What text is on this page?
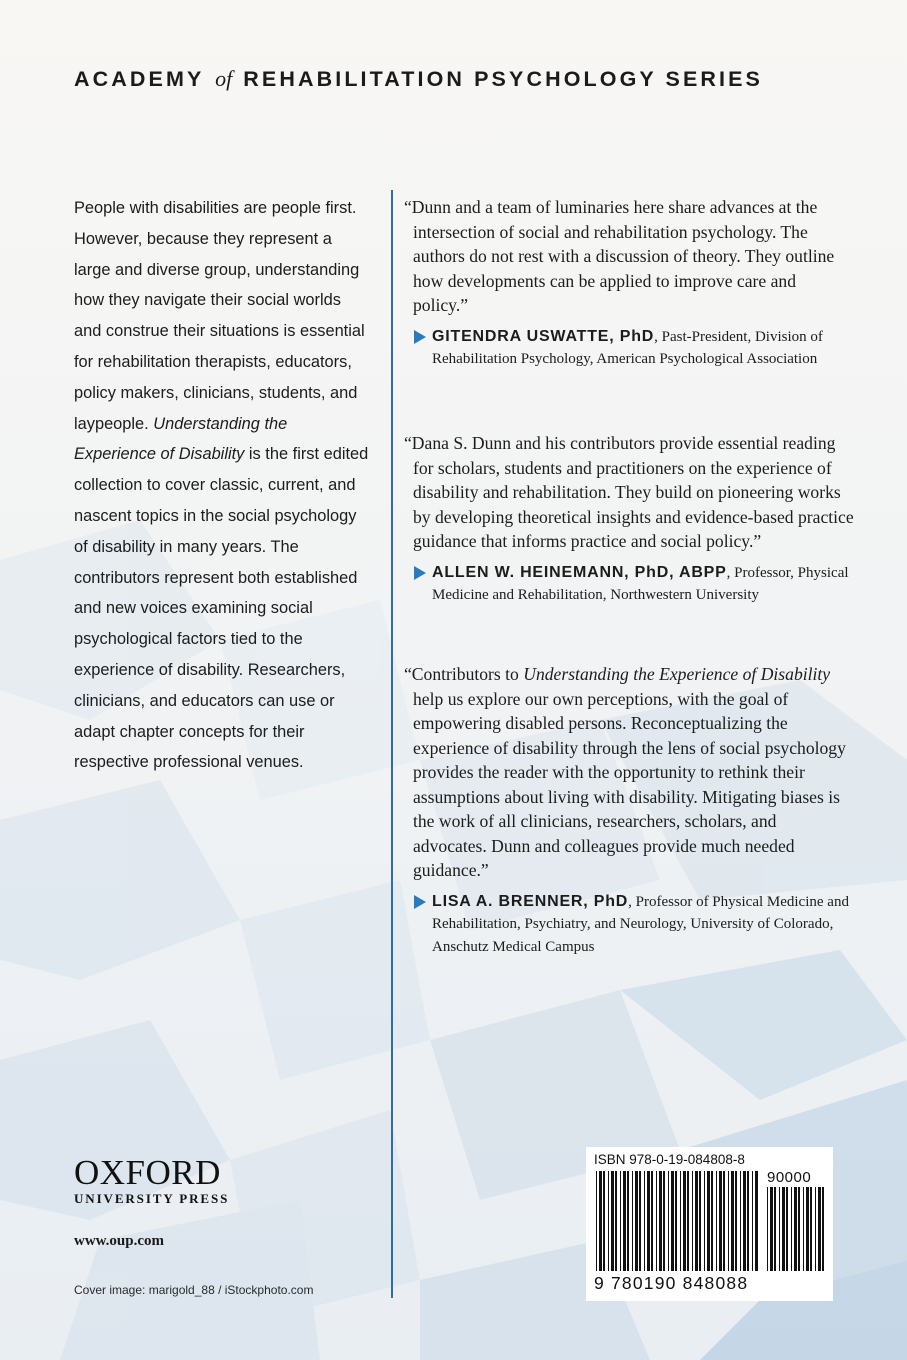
ACADEMY of REHABILITATION PSYCHOLOGY SERIES
People with disabilities are people first. However, because they represent a large and diverse group, understanding how they navigate their social worlds and construe their situations is essential for rehabilitation therapists, educators, policy makers, clinicians, students, and laypeople. Understanding the Experience of Disability is the first edited collection to cover classic, current, and nascent topics in the social psychology of disability in many years. The contributors represent both established and new voices examining social psychological factors tied to the experience of disability. Researchers, clinicians, and educators can use or adapt chapter concepts for their respective professional venues.
“Dunn and a team of luminaries here share advances at the intersection of social and rehabilitation psychology. The authors do not rest with a discussion of theory. They outline how developments can be applied to improve care and policy.”
GITENDRA USWATTE, PhD, Past-President, Division of Rehabilitation Psychology, American Psychological Association
“Dana S. Dunn and his contributors provide essential reading for scholars, students and practitioners on the experience of disability and rehabilitation. They build on pioneering works by developing theoretical insights and evidence-based practice guidance that informs practice and social policy.”
ALLEN W. HEINEMANN, PhD, ABPP, Professor, Physical Medicine and Rehabilitation, Northwestern University
“Contributors to Understanding the Experience of Disability help us explore our own perceptions, with the goal of empowering disabled persons. Reconceptualizing the experience of disability through the lens of social psychology provides the reader with the opportunity to rethink their assumptions about living with disability. Mitigating biases is the work of all clinicians, researchers, scholars, and advocates. Dunn and colleagues provide much needed guidance.”
LISA A. BRENNER, PhD, Professor of Physical Medicine and Rehabilitation, Psychiatry, and Neurology, University of Colorado, Anschutz Medical Campus
OXFORD
UNIVERSITY PRESS
www.oup.com
Cover image: marigold_88 / iStockphoto.com
ISBN 978-0-19-084808-8
90000
9 780190 848088
